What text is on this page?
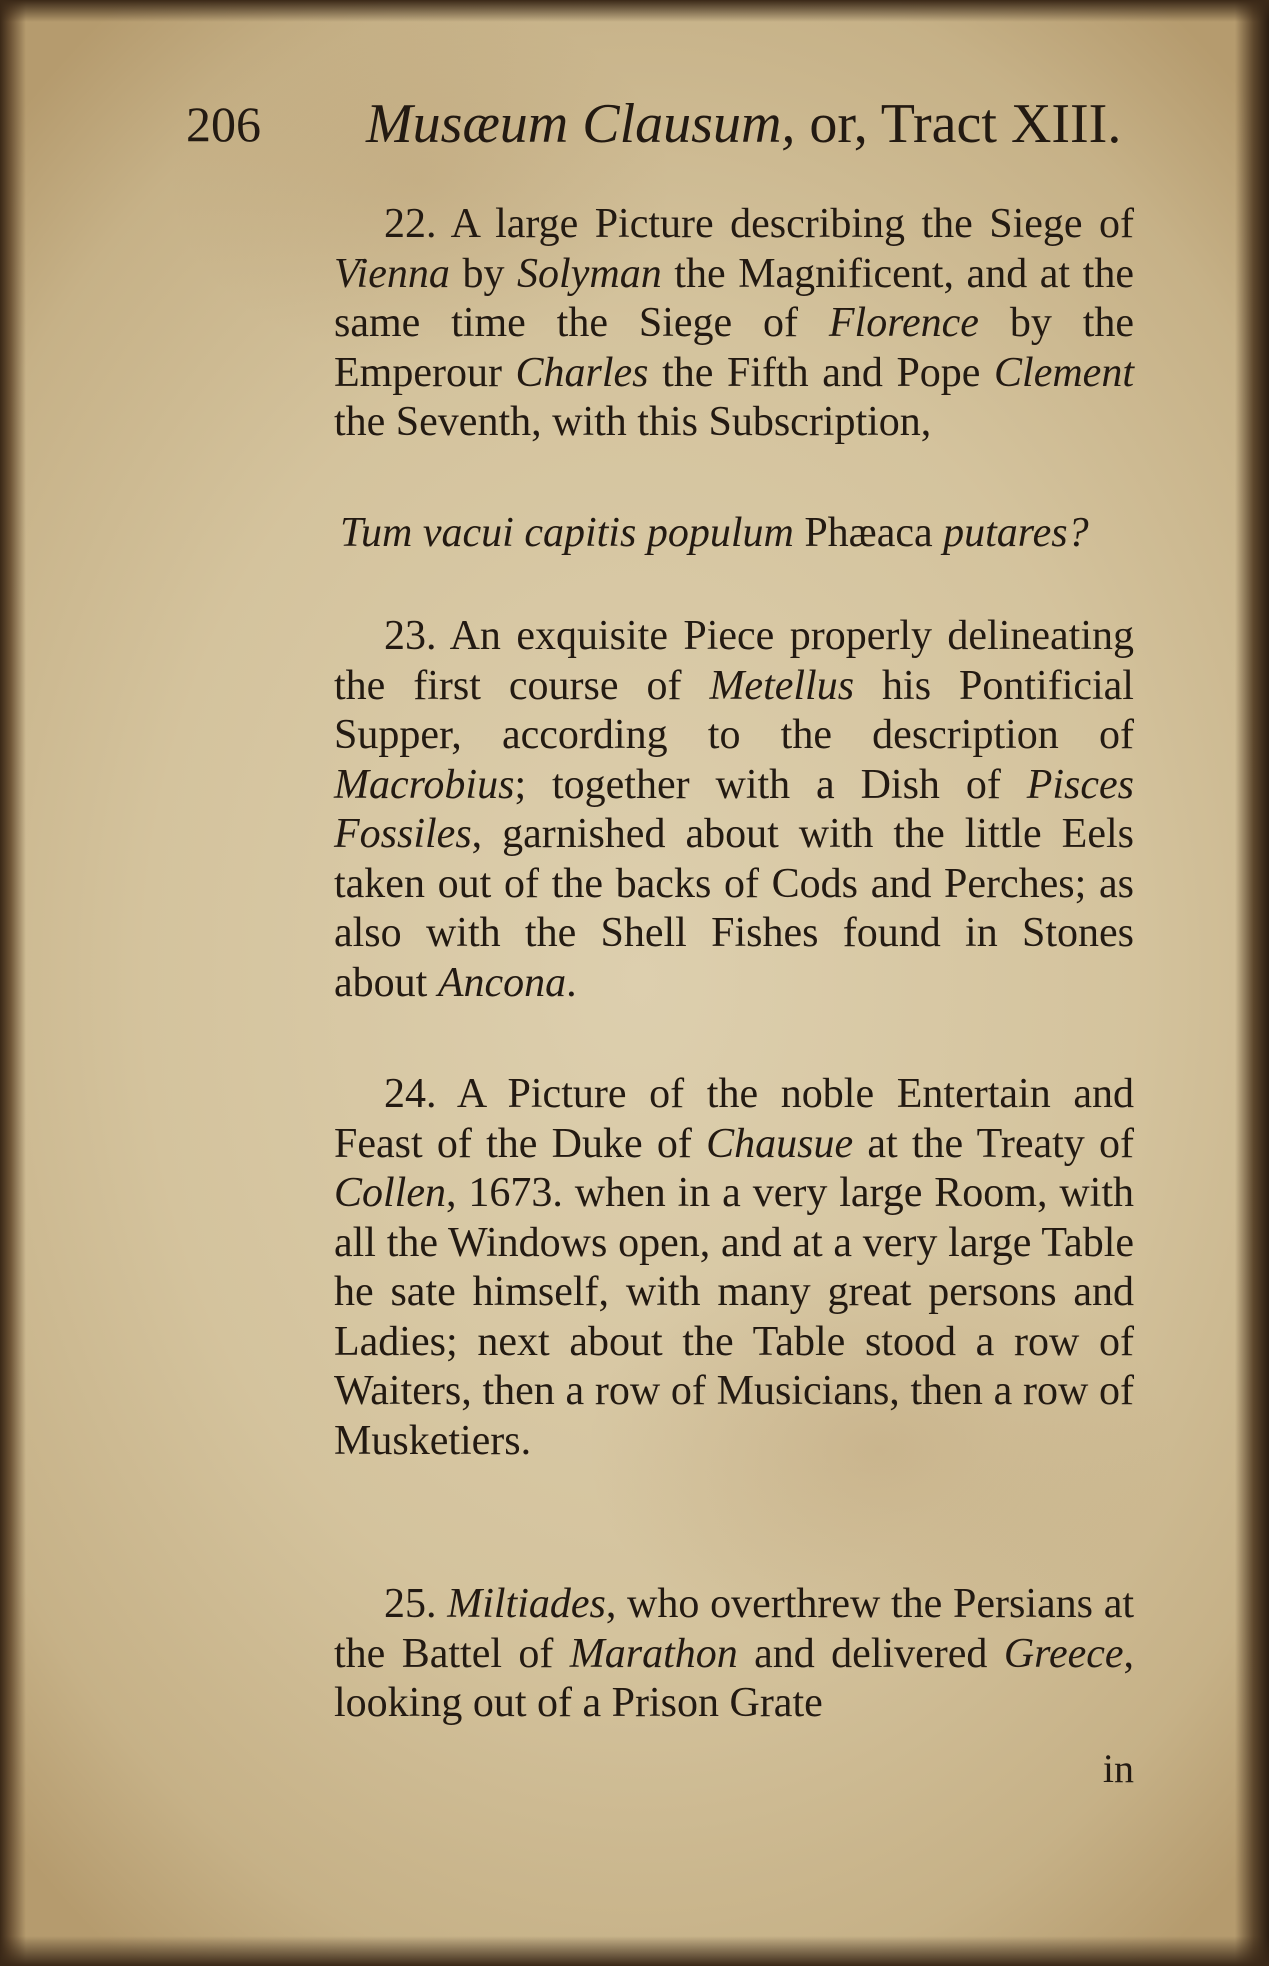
206 Musæum Clausum, or, Tract XIII.

22. A large Picture describing the Siege of Vienna by Solyman the Magnificent, and at the same time the Siege of Florence by the Emperour Charles the Fifth and Pope Clement the Seventh, with this Subscription,

Tum vacui capitis populum Phæaca putares?

23. An exquisite Piece properly delineating the first course of Metellus his Pontificial Supper, according to the description of Macrobius; together with a Dish of Pisces Fossiles, garnished about with the little Eels taken out of the backs of Cods and Perches; as also with the Shell Fishes found in Stones about Ancona.

24. A Picture of the noble Entertain and Feast of the Duke of Chausue at the Treaty of Collen, 1673. when in a very large Room, with all the Windows open, and at a very large Table he sate himself, with many great persons and Ladies; next about the Table stood a row of Waiters, then a row of Musicians, then a row of Musketiers.

25. Miltiades, who overthrew the Persians at the Battel of Marathon and delivered Greece, looking out of a Prison Grate

in
